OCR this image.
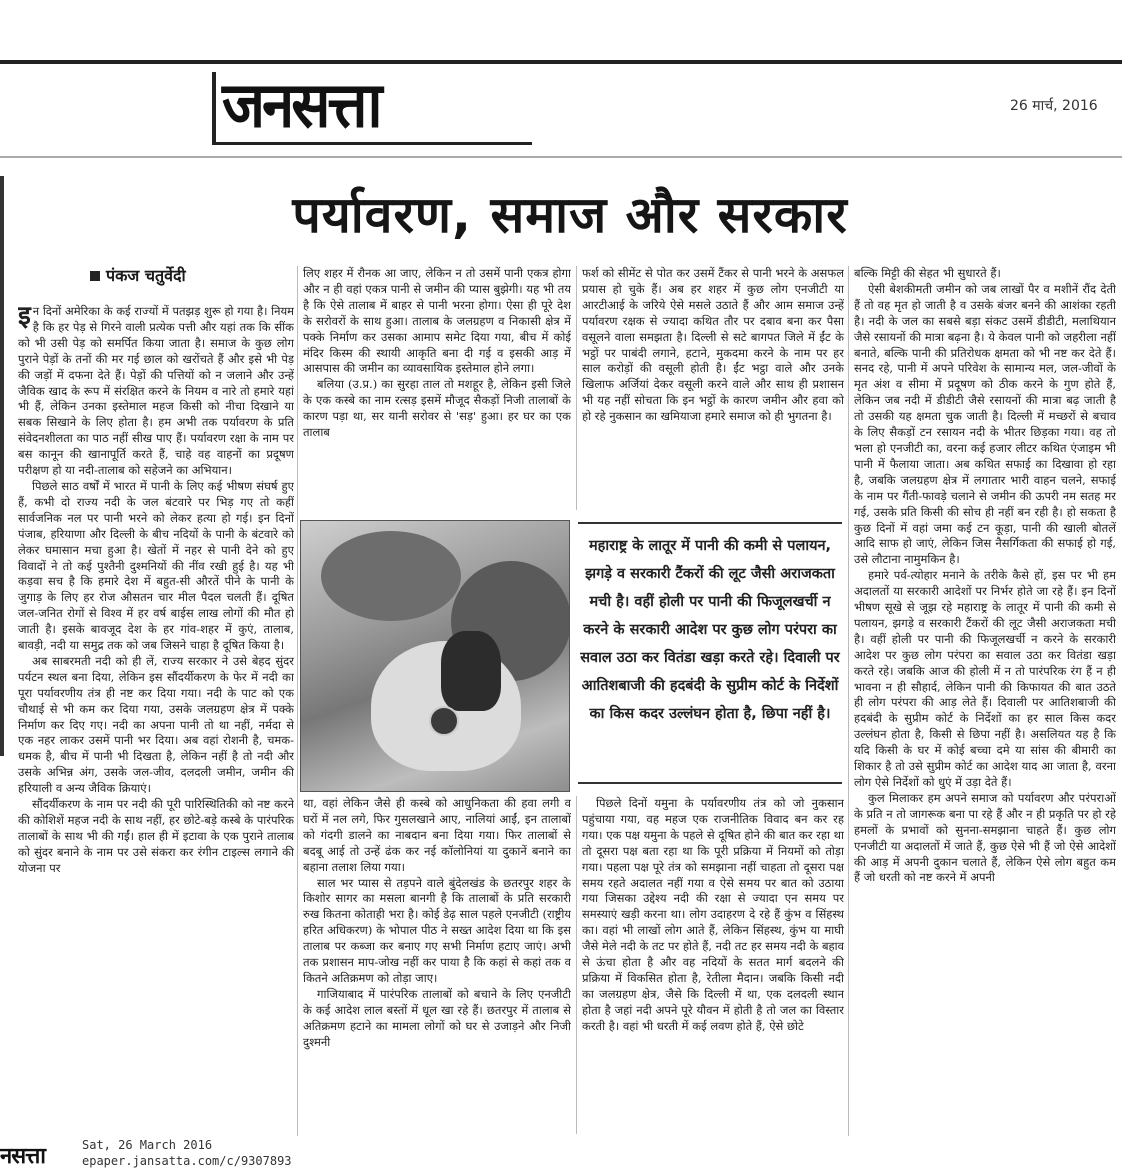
जनसत्ता	26 मार्च, 2016
पर्यावरण, समाज और सरकार
पंकज चतुर्वेदी

इन दिनों अमेरिका के कई राज्यों में पतझड़ शुरू हो गया है। नियम है कि हर पेड़ से गिरने वाली प्रत्येक पत्ती और यहां तक कि सींक को भी उसी पेड़ को समर्पित किया जाता है। समाज के कुछ लोग पुराने पेड़ों के तनों की मर गई छाल को खरोंचते हैं और इसे भी पेड़ की जड़ों में दफना देते हैं। पेड़ों की पत्तियों को न जलाने और उन्हें जैविक खाद के रूप में संरक्षित करने के नियम व नारे तो हमारे यहां भी हैं, लेकिन उनका इस्तेमाल महज किसी को नीचा दिखाने या सबक सिखाने के लिए होता है। हम अभी तक पर्यावरण के प्रति संवेदनशीलता का पाठ नहीं सीख पाए हैं। पर्यावरण रक्षा के नाम पर बस कानून की खानापूर्ति करते हैं, चाहे वह वाहनों का प्रदूषण परीक्षण हो या नदी-तालाब को सहेजने का अभियान।

पिछले साठ वर्षों में भारत में पानी के लिए कई भीषण संघर्ष हुए हैं, कभी दो राज्य नदी के जल बंटवारे पर भिड़ गए तो कहीं सार्वजनिक नल पर पानी भरने को लेकर हत्या हो गई। इन दिनों पंजाब, हरियाणा और दिल्ली के बीच नदियों के पानी के बंटवारे को लेकर घमासान मचा हुआ है। खेतों में नहर से पानी देने को हुए विवादों ने तो कई पुश्तैनी दुश्मनियों की नींव रखी हुई है। यह भी कड़वा सच है कि हमारे देश में बहुत-सी औरतें पीने के पानी के जुगाड़ के लिए हर रोज औसतन चार मील पैदल चलती हैं। दूषित जल-जनित रोगों से विश्व में हर वर्ष बाईस लाख लोगों की मौत हो जाती है। इसके बावजूद देश के हर गांव-शहर में कुएं, तालाब, बावड़ी, नदी या समुद्र तक को जब जिसने चाहा है दूषित किया है।

अब साबरमती नदी को ही लें, राज्य सरकार ने उसे बेहद सुंदर पर्यटन स्थल बना दिया, लेकिन इस सौंदर्यीकरण के फेर में नदी का पूरा पर्यावरणीय तंत्र ही नष्ट कर दिया गया। नदी के पाट को एक चौथाई से भी कम कर दिया गया, उसके जलग्रहण क्षेत्र में पक्के निर्माण कर दिए गए। नदी का अपना पानी तो था नहीं, नर्मदा से एक नहर लाकर उसमें पानी भर दिया। अब वहां रोशनी है, चमक-धमक है, बीच में पानी भी दिखता है, लेकिन नहीं है तो नदी और उसके अभिन्न अंग, उसके जल-जीव, दलदली जमीन, जमीन की हरियाली व अन्य जैविक क्रियाएं।

सौंदर्यीकरण के नाम पर नदी की पूरी पारिस्थितिकी को नष्ट करने की कोशिशें महज नदी के साथ नहीं, हर छोटे-बड़े कस्बे के पारंपरिक तालाबों के साथ भी की गईं। हाल ही में इटावा के एक पुराने तालाब को सुंदर बनाने के नाम पर उसे संकरा कर रंगीन टाइल्स लगाने की योजना पर

लिए शहर में रौनक आ जाए, लेकिन न तो उसमें पानी एकत्र होगा और न ही वहां एकत्र पानी से जमीन की प्यास बुझेगी। यह भी तय है कि ऐसे तालाब में बाहर से पानी भरना होगा। ऐसा ही पूरे देश के सरोवरों के साथ हुआ। तालाब के जलग्रहण व निकासी क्षेत्र में पक्के निर्माण कर उसका आमाप समेट दिया गया, बीच में कोई मंदिर किस्म की स्थायी आकृति बना दी गई व इसकी आड़ में आसपास की जमीन का व्यावसायिक इस्तेमाल होने लगा।

बलिया (उ.प्र.) का सुरहा ताल तो मशहूर है, लेकिन इसी जिले के एक कस्बे का नाम रत्सड़ इसमें मौजूद सैकड़ों निजी तालाबों के कारण पड़ा था, सर यानी सरोवर से 'सड़' हुआ। हर घर का एक तालाब

फर्श को सीमेंट से पोत कर उसमें टैंकर से पानी भरने के असफल प्रयास हो चुके हैं। अब हर शहर में कुछ लोग एनजीटी या आरटीआई के जरिये ऐसे मसले उठाते हैं और आम समाज उन्हें पर्यावरण रक्षक से ज्यादा कथित तौर पर दबाव बना कर पैसा वसूलने वाला समझता है। दिल्ली से सटे बागपत जिले में ईंट के भट्ठों पर पाबंदी लगाने, हटाने, मुकदमा करने के नाम पर हर साल करोड़ों की वसूली होती है। ईंट भट्ठा वाले और उनके खिलाफ अर्जियां देकर वसूली करने वाले और साथ ही प्रशासन भी यह नहीं सोचता कि इन भट्ठों के कारण जमीन और हवा को हो रहे नुकसान का खमियाजा हमारे समाज को ही भुगतना है।

बल्कि मिट्टी की सेहत भी सुधारते हैं।

ऐसी बेशकीमती जमीन को जब लाखों पैर व मशीनें रौंद देती हैं तो वह मृत हो जाती है व उसके बंजर बनने की आशंका रहती है। नदी के जल का सबसे बड़ा संकट उसमें डीडीटी, मलाथियान जैसे रसायनों की मात्रा बढ़ना है। ये केवल पानी को जहरीला नहीं बनाते, बल्कि पानी की प्रतिरोधक क्षमता को भी नष्ट कर देते हैं। सनद रहे, पानी में अपने परिवेश के सामान्य मल, जल-जीवों के मृत अंश व सीमा में प्रदूषण को ठीक करने के गुण होते हैं, लेकिन जब नदी में डीडीटी जैसे रसायनों की मात्रा बढ़ जाती है तो उसकी यह क्षमता चुक जाती है। दिल्ली में मच्छरों से बचाव के लिए सैकड़ों टन रसायन नदी के भीतर छिड़का गया। वह तो भला हो एनजीटी का, वरना कई हजार लीटर कथित एंजाइम भी पानी में फैलाया जाता। अब कथित सफाई का दिखावा हो रहा है, जबकि जलग्रहण क्षेत्र में लगातार भारी वाहन चलने, सफाई के नाम पर गैंती-फावड़े चलाने से जमीन की ऊपरी नम सतह मर गई, उसके प्रति किसी की सोच ही नहीं बन रही है। हो सकता है कुछ दिनों में वहां जमा कई टन कूड़ा, पानी की खाली बोतलें आदि साफ हो जाएं, लेकिन जिस नैसर्गिकता की सफाई हो गई, उसे लौटाना नामुमकिन है।

हमारे पर्व-त्योहार मनाने के तरीके कैसे हों, इस पर भी हम अदालतों या सरकारी आदेशों पर निर्भर होते जा रहे हैं। इन दिनों भीषण सूखे से जूझ रहे महाराष्ट्र के लातूर में पानी की कमी से पलायन, झगड़े व सरकारी टैंकरों की लूट जैसी अराजकता मची है। वहीं होली पर पानी की फिजूलखर्ची न करने के सरकारी आदेश पर कुछ लोग परंपरा का सवाल उठा कर वितंडा खड़ा करते रहे। जबकि आज की होली में न तो पारंपरिक रंग हैं न ही भावना न ही सौहार्द, लेकिन पानी की किफायत की बात उठते ही लोग परंपरा की आड़ लेते हैं। दिवाली पर आतिशबाजी की हदबंदी के सुप्रीम कोर्ट के निर्देशों का हर साल किस कदर उल्लंघन होता है, किसी से छिपा नहीं है। असलियत यह है कि यदि किसी के घर में कोई बच्चा दमे या सांस की बीमारी का शिकार है तो उसे सुप्रीम कोर्ट का आदेश याद आ जाता है, वरना लोग ऐसे निर्देशों को धुएं में उड़ा देते हैं।

कुल मिलाकर हम अपने समाज को पर्यावरण और परंपराओं के प्रति न तो जागरूक बना पा रहे हैं और न ही प्रकृति पर हो रहे हमलों के प्रभावों को सुनना-समझाना चाहते हैं। कुछ लोग एनजीटी या अदालतों में जाते हैं, कुछ ऐसे भी हैं जो ऐसे आदेशों की आड़ में अपनी दुकान चलाते हैं, लेकिन ऐसे लोग बहुत कम हैं जो धरती को नष्ट करने में अपनी

महाराष्ट्र के लातूर में पानी की कमी से पलायन, झगड़े व सरकारी टैंकरों की लूट जैसी अराजकता मची है। वहीं होली पर पानी की फिजूलखर्ची न करने के सरकारी आदेश पर कुछ लोग परंपरा का सवाल उठा कर वितंडा खड़ा करते रहे। दिवाली पर आतिशबाजी की हदबंदी के सुप्रीम कोर्ट के निर्देशों का किस कदर उल्लंघन होता है, छिपा नहीं है।

था, वहां लेकिन जैसे ही कस्बे को आधुनिकता की हवा लगी व घरों में नल लगे, फिर गुसलखाने आए, नालियां आईं, इन तालाबों को गंदगी डालने का नाबदान बना दिया गया। फिर तालाबों से बदबू आई तो उन्हें ढंक कर नई कॉलोनियां या दुकानें बनाने का बहाना तलाश लिया गया।

साल भर प्यास से तड़पने वाले बुंदेलखंड के छतरपुर शहर के किशोर सागर का मसला बानगी है कि तालाबों के प्रति सरकारी रुख कितना कोताही भरा है। कोई डेढ़ साल पहले एनजीटी (राष्ट्रीय हरित अधिकरण) के भोपाल पीठ ने सख्त आदेश दिया था कि इस तालाब पर कब्जा कर बनाए गए सभी निर्माण हटाए जाएं। अभी तक प्रशासन माप-जोख नहीं कर पाया है कि कहां से कहां तक व कितने अतिक्रमण को तोड़ा जाए।

गाजियाबाद में पारंपरिक तालाबों को बचाने के लिए एनजीटी के कई आदेश लाल बस्तों में धूल खा रहे हैं। छतरपुर में तालाब से अतिक्रमण हटाने का मामला लोगों को घर से उजाड़ने और निजी दुश्मनी

पिछले दिनों यमुना के पर्यावरणीय तंत्र को जो नुकसान पहुंचाया गया, वह महज एक राजनीतिक विवाद बन कर रह गया। एक पक्ष यमुना के पहले से दूषित होने की बात कर रहा था तो दूसरा पक्ष बता रहा था कि पूरी प्रक्रिया में नियमों को तोड़ा गया। पहला पक्ष पूरे तंत्र को समझाना नहीं चाहता तो दूसरा पक्ष समय रहते अदालत नहीं गया व ऐसे समय पर बात को उठाया गया जिसका उद्देश्य नदी की रक्षा से ज्यादा एन समय पर समस्याएं खड़ी करना था। लोग उदाहरण दे रहे हैं कुंभ व सिंहस्थ का। वहां भी लाखों लोग आते हैं, लेकिन सिंहस्थ, कुंभ या माघी जैसे मेले नदी के तट पर होते हैं, नदी तट हर समय नदी के बहाव से ऊंचा होता है और वह नदियों के सतत मार्ग बदलने की प्रक्रिया में विकसित होता है, रेतीला मैदान। जबकि किसी नदी का जलग्रहण क्षेत्र, जैसे कि दिल्ली में था, एक दलदली स्थान होता है जहां नदी अपने पूरे यौवन में होती है तो जल का विस्तार करती है। वहां भी धरती में कई लवण होते हैं, ऐसे छोटे

नसत्ता	Sat, 26 March 2016
epaper.jansatta.com/c/9307893
